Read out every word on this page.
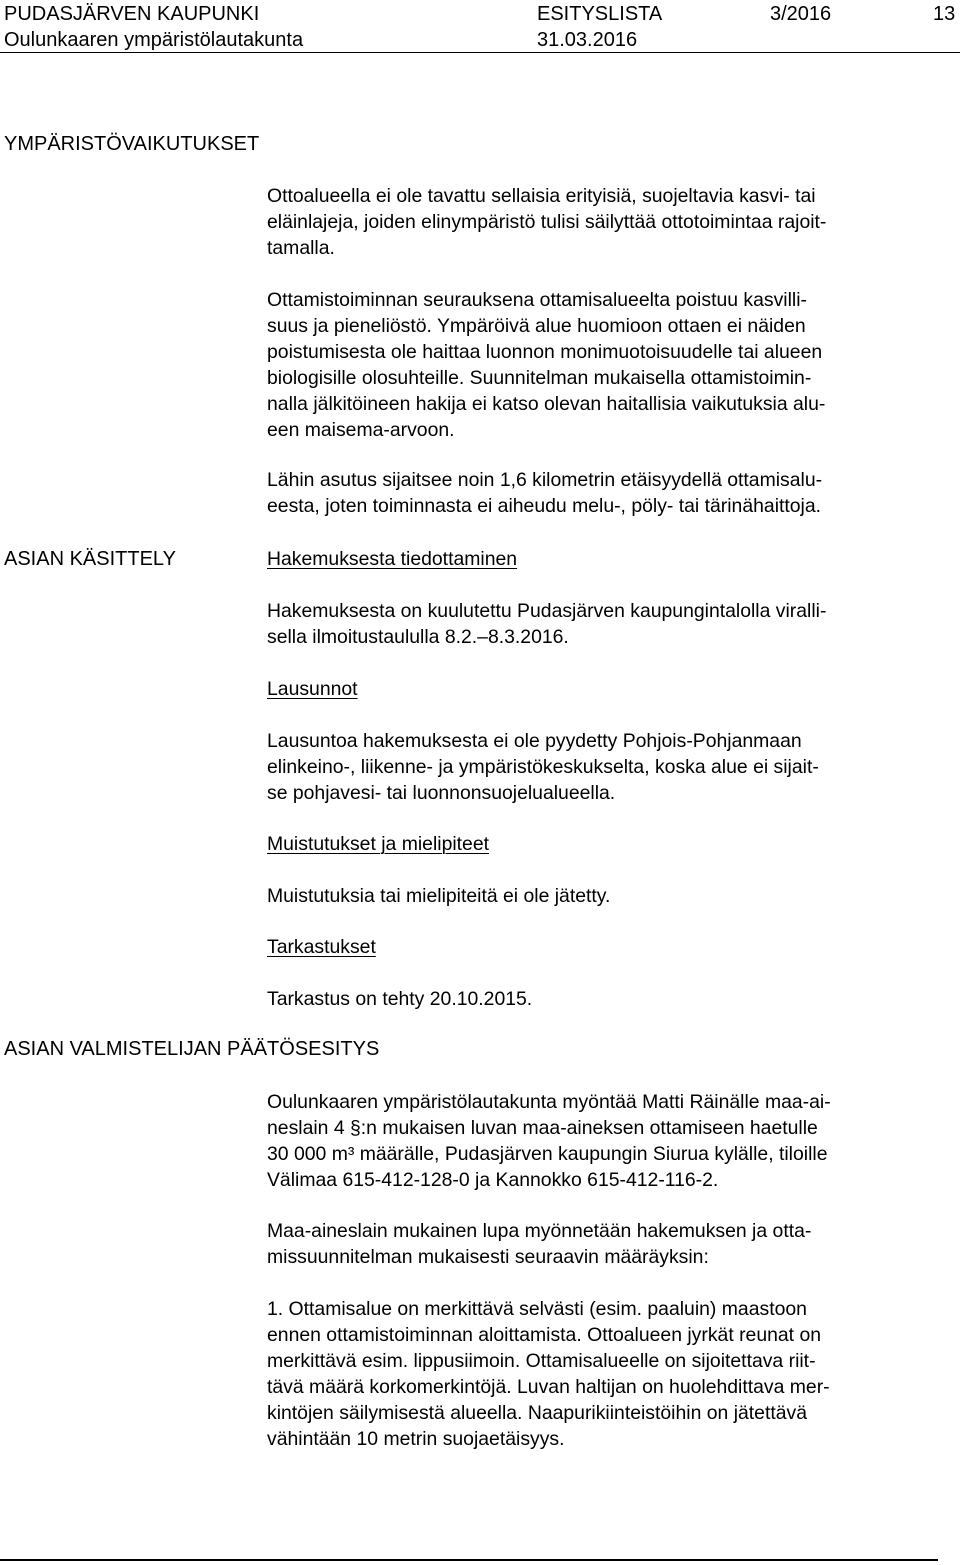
PUDASJÄRVEN KAUPUNKI	ESITYSLISTA	3/2016	13
Oulunkaaren ympäristölautakunta	31.03.2016
YMPÄRISTÖVAIKUTUKSET
Ottoalueella ei ole tavattu sellaisia erityisiä, suojeltavia kasvi- tai
eläinlajeja, joiden elinympäristö tulisi säilyttää ottotoimintaa rajoit-
tamalla.
Ottamistoiminnan seurauksena ottamisalueelta poistuu kasvilli-
suus ja pieneliöstö. Ympäröivä alue huomioon ottaen ei näiden
poistumisesta ole haittaa luonnon monimuotoisuudelle tai alueen
biologisille olosuhteille. Suunnitelman mukaisella ottamistoimin-
nalla jälkitöineen hakija ei katso olevan haitallisia vaikutuksia alu-
een maisema-arvoon.
Lähin asutus sijaitsee noin 1,6 kilometrin etäisyydellä ottamisalu-
eesta, joten toiminnasta ei aiheudu melu-, pöly- tai tärinähaittoja.
ASIAN KÄSITTELY	Hakemuksesta tiedottaminen
Hakemuksesta on kuulutettu Pudasjärven kaupungintalolla viralli-
sella ilmoitustaululla 8.2.–8.3.2016.
Lausunnot
Lausuntoa hakemuksesta ei ole pyydetty Pohjois-Pohjanmaan
elinkeino-, liikenne- ja ympäristökeskukselta, koska alue ei sijait-
se pohjavesi- tai luonnonsuojelualueella.
Muistutukset ja mielipiteet
Muistutuksia tai mielipiteitä ei ole jätetty.
Tarkastukset
Tarkastus on tehty 20.10.2015.
ASIAN VALMISTELIJAN PÄÄTÖSESITYS
Oulunkaaren ympäristölautakunta myöntää Matti Räinälle maa-ai-
neslain 4 §:n mukaisen luvan maa-aineksen ottamiseen haetulle
30 000 m³ määrälle, Pudasjärven kaupungin Siurua kylälle, tiloille
Välimaa 615-412-128-0 ja Kannokko 615-412-116-2.
Maa-aineslain mukainen lupa myönnetään hakemuksen ja otta-
missuunnitelman mukaisesti seuraavin määräyksin:
1. Ottamisalue on merkittävä selvästi (esim. paaluin) maastoon
ennen ottamistoiminnan aloittamista. Ottoalueen jyrkät reunat on
merkittävä esim. lippusiimoin. Ottamisalueelle on sijoitettava riit-
tävä määrä korkomerkintöjä. Luvan haltijan on huolehdittava mer-
kintöjen säilymisestä alueella. Naapurikiinteistöihin on jätettävä
vähintään 10 metrin suojaetäisyys.
